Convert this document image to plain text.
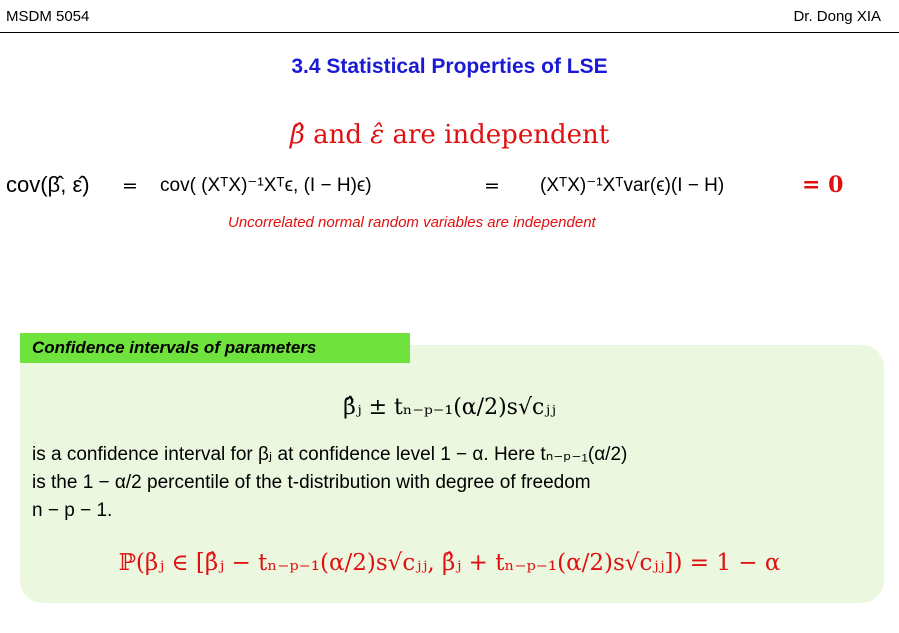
MSDM 5054	Dr. Dong XIA
3.4 Statistical Properties of LSE
β̂ and ε̂ are independent
cov(β̂, ε̂) = cov( (XᵀX)⁻¹Xᵀϵ, (I − H)ϵ)	= (XᵀX)⁻¹Xᵀvar(ϵ)(I − H)	= 0
Uncorrelated normal random variables are independent
Confidence intervals of parameters
β̂ⱼ ± tₙ₋ₚ₋₁(α/2)s√cⱼⱼ
is a confidence interval for βⱼ at confidence level 1 − α. Here tₙ₋ₚ₋₁(α/2)
is the 1 − α/2 percentile of the t-distribution with degree of freedom
n − p − 1.
ℙ(βⱼ ∈ [β̂ⱼ − tₙ₋ₚ₋₁(α/2)s√cⱼⱼ, β̂ⱼ + tₙ₋ₚ₋₁(α/2)s√cⱼⱼ]) = 1 − α
